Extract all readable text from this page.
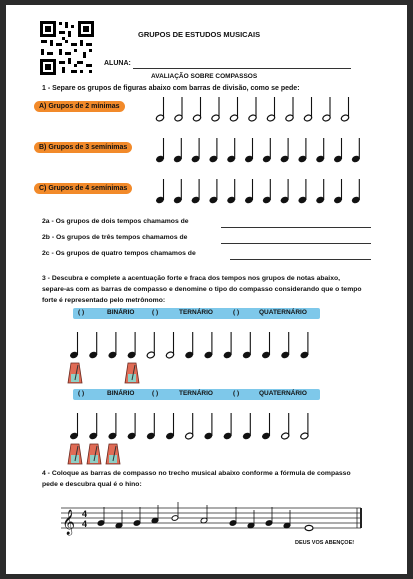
GRUPOS DE ESTUDOS MUSICAIS
ALUNA:
AVALIAÇÃO SOBRE COMPASSOS
1 - Separe os grupos de figuras abaixo com barras de divisão, como se pede:
A) Grupos de 2 mínimas
B) Grupos de 3 semínimas
C) Grupos de 4 semínimas
2a - Os grupos de dois tempos chamamos de
2b - Os grupos de três tempos chamamos de
2c - Os grupos de quatro tempos chamamos de
3 - Descubra e complete a acentuação forte e fraca dos tempos nos grupos de notas abaixo, separe-as com as barras de compasso e denomine o tipo do compasso considerando que o tempo forte é representado pelo metrônomo:
( )	BINÁRIO	( )	TERNÁRIO	( )	QUATERNÁRIO
( )	BINÁRIO	( )	TERNÁRIO	( )	QUATERNÁRIO
4 - Coloque as barras de compasso no trecho musical abaixo conforme a fórmula de compasso pede e descubra qual é o hino:
𝄞 4
4
DEUS VOS ABENÇOE!
